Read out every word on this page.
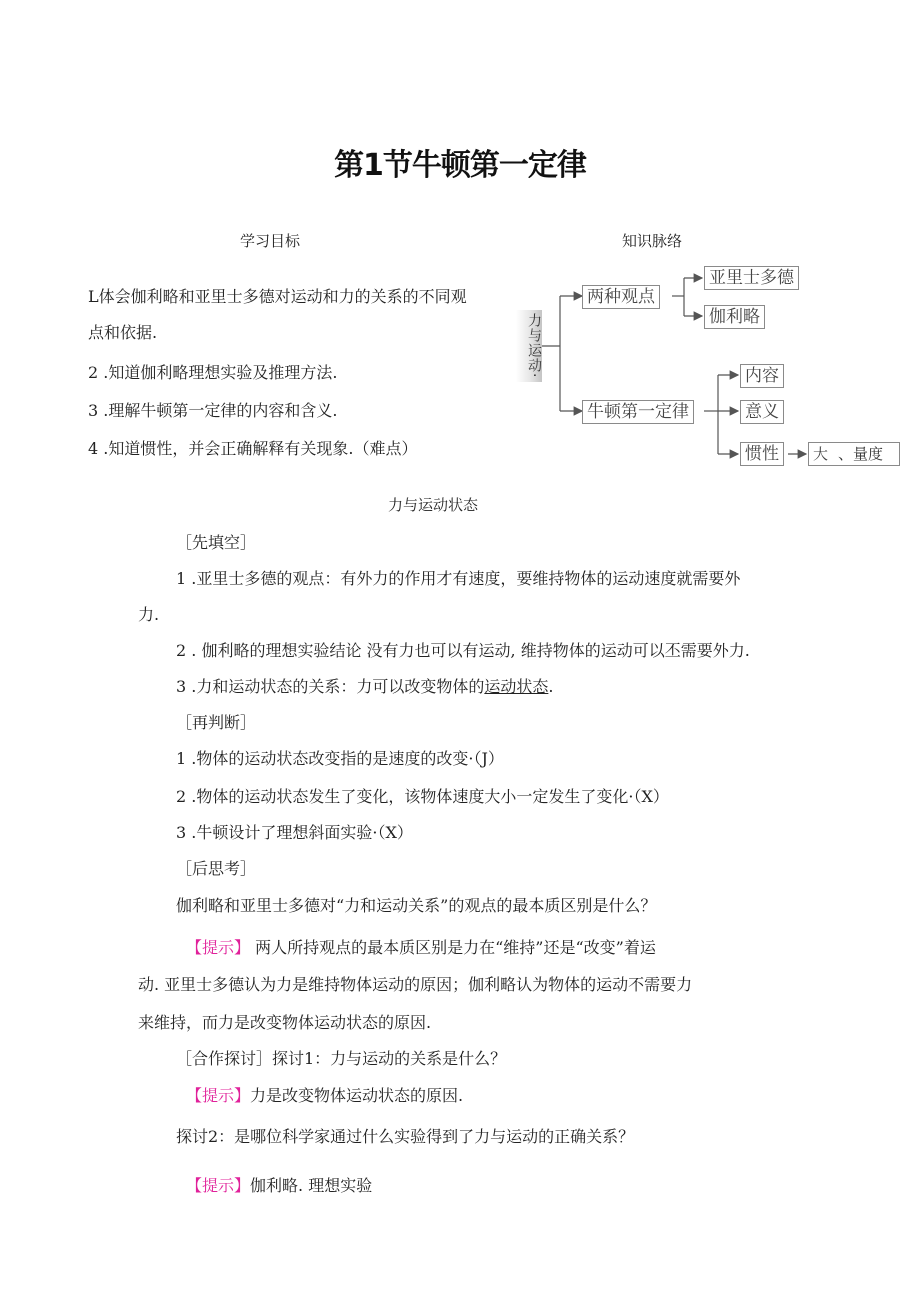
第1节牛顿第一定律
学习目标
L体会伽利略和亚里士多德对运动和力的关系的不同观
点和依据.
2 .知道伽利略理想实验及推理方法.
3 .理解牛顿第一定律的内容和含义.
4 .知道惯性，并会正确解释有关现象.（难点）
知识脉络
力与运动·
两种观点
亚里士多德
伽利略
牛顿第一定律
内容
意义
惯性	大 、量度
力与运动状态
［先填空］
1 .亚里士多德的观点：有外力的作用才有速度，要维持物体的运动速度就需要外
力.
2 . 伽利略的理想实验结论 没有力也可以有运动, 维持物体的运动可以丕需要外力.
3 .力和运动状态的关系：力可以改变物体的运动状态.
［再判断］
1 .物体的运动状态改变指的是速度的改变·（J）
2 .物体的运动状态发生了变化，该物体速度大小一定发生了变化·（X）
3 .牛顿设计了理想斜面实验·（X）
［后思考］
伽利略和亚里士多德对“力和运动关系”的观点的最本质区别是什么？
【提示】 两人所持观点的最本质区别是力在“维持”还是“改变”着运
动. 亚里士多德认为力是维持物体运动的原因；伽利略认为物体的运动不需要力
来维持，而力是改变物体运动状态的原因.
［合作探讨］探讨1：力与运动的关系是什么？
【提示】力是改变物体运动状态的原因.
探讨2：是哪位科学家通过什么实验得到了力与运动的正确关系？
【提示】伽利略. 理想实验
